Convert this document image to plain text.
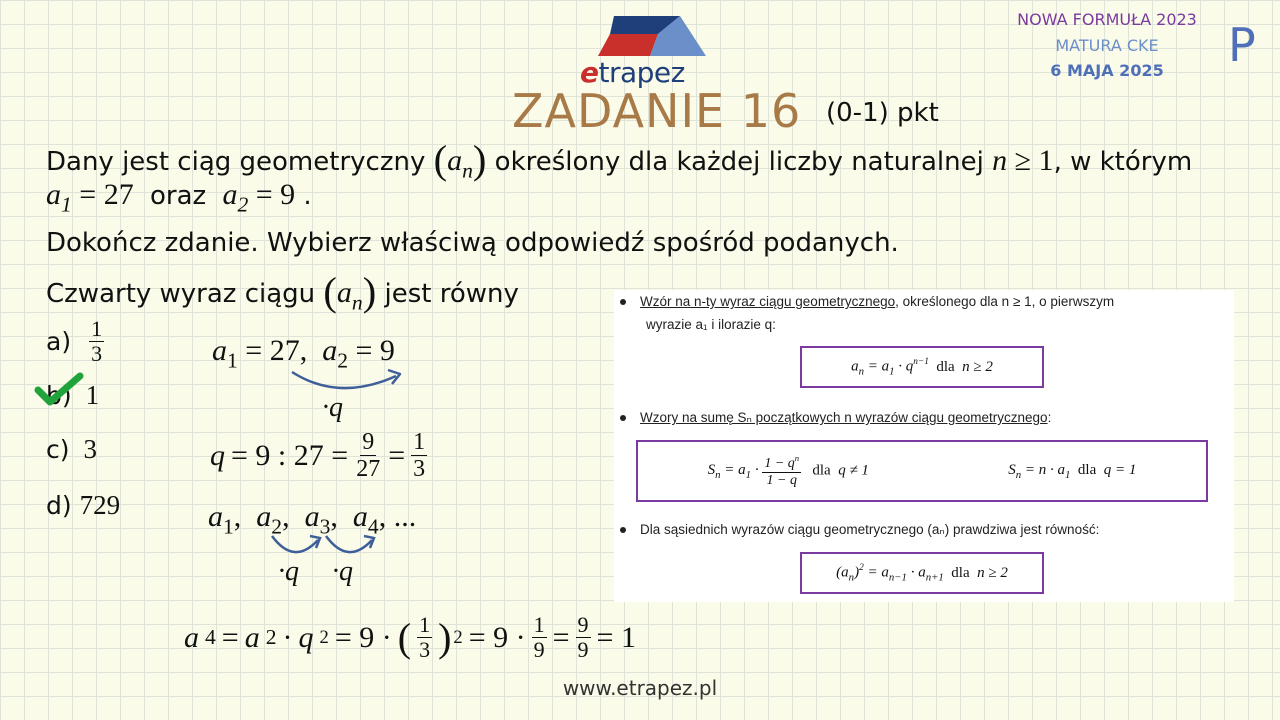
etrapez
NOWA FORMUŁA 2023
MATURA CKE
6 MAJA 2025	P
ZADANIE 16 (0-1) pkt
Dany jest ciąg geometryczny $(a_n)$ określony dla każdej liczby naturalnej n ≥ 1, w którym
$a_1 = 27$ oraz $a_2 = 9$ .
Dokończ zdanie. Wybierz właściwą odpowiedź spośród podanych.
Czwarty wyraz ciągu $(a_n)$ jest równy
$a) \frac{1}{3}$
b) 1
c) 3
d) 729
$a_1 = 27$,  $a_2 = 9$
·q
q = 9 : $27 = \frac{9}{27} = \frac{1}{3}$
$a_1$,  $a_2$,  $a_3$,  $a_4$, ...
·q ·q
a 4 = a 2 · q 2 = 9 · ( $\frac{1}{3}$ ) $2 = 9 \cdot \frac{1}{9} = \frac{9}{9} = 1$
Wzór na n-ty wyraz ciągu geometrycznego, określonego dla n ≥ 1, o pierwszym
wyrazie a₁ i ilorazie q:
$a_n = a_1 \cdot q^{n-1}$ dla n ≥ 2
Wzory na sumę Sₙ początkowych n wyrazów ciągu geometrycznego:
$S_n = a_1 \cdot \frac{1 - q^n}{1 - q}$ dla  q ≠ 1	$S_n = n \cdot a_1$  dla  q = 1
Dla sąsiednich wyrazów ciągu geometrycznego (aₙ) prawdziwa jest równość:
$(a_n)^2 = a_{n-1} \cdot a_{n+1}$ dla n ≥ 2
www.etrapez.pl
